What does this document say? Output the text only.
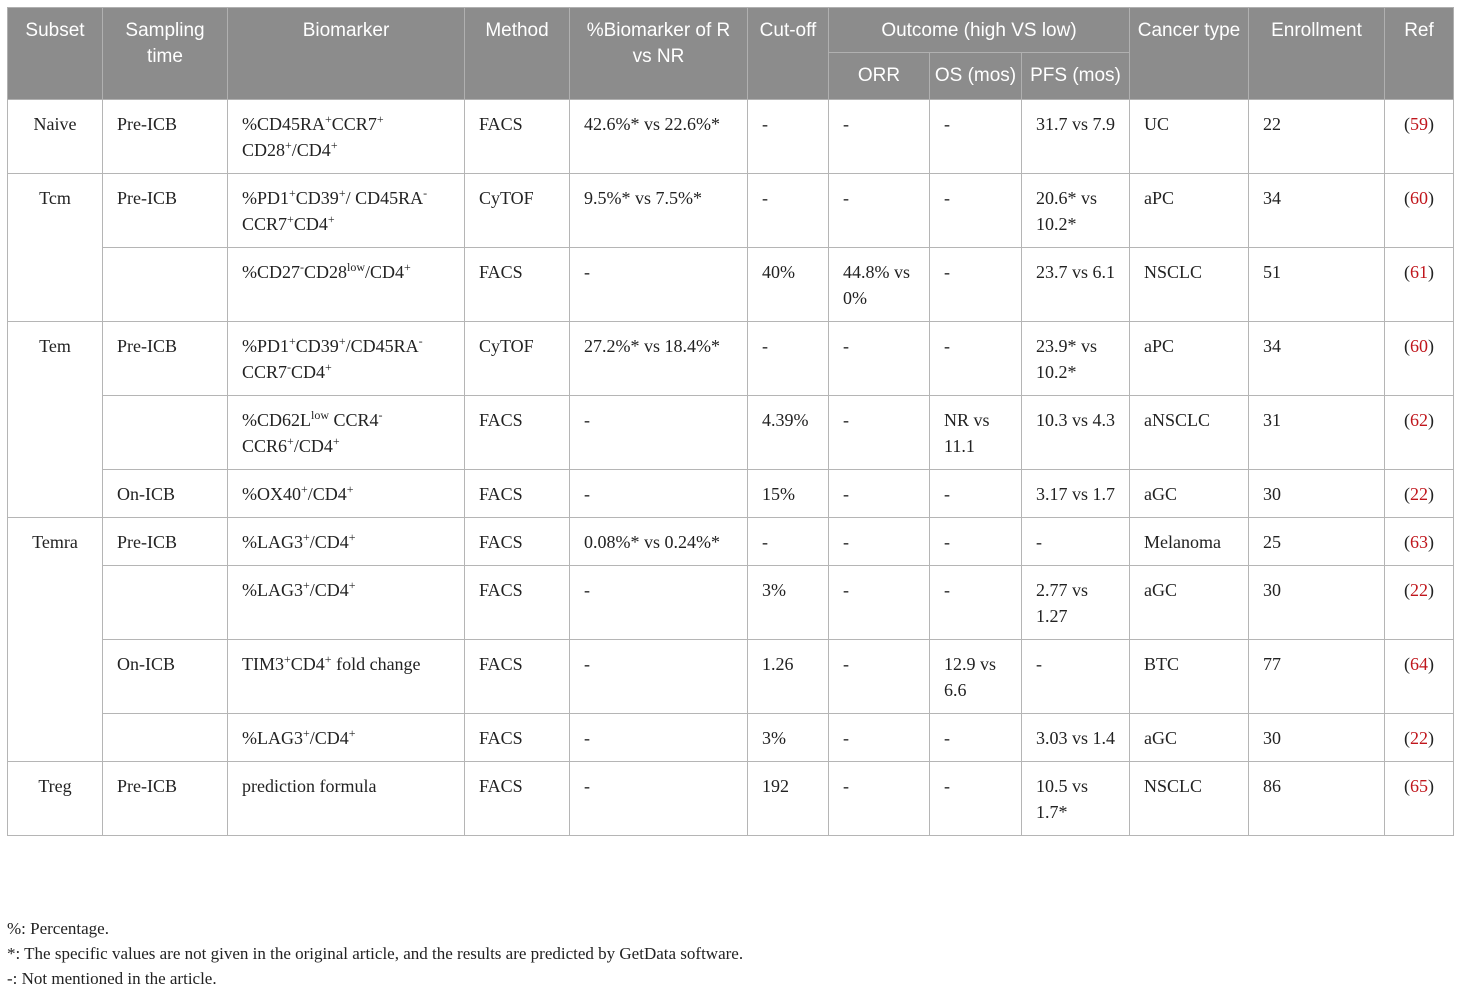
Subset	Sampling time	Biomarker	Method	%Biomarker of R vs NR	Cut-off	Outcome (high VS low)			Cancer type	Enrollment	Ref
						ORR	OS (mos)	PFS (mos)			
Naive	Pre-ICB	%CD45RA+CCR7+ CD28+/CD4+	FACS	42.6%* vs 22.6%*	-	-	-	31.7 vs 7.9	UC	22	(59)
Tcm	Pre-ICB	%PD1+CD39+/ CD45RA-CCR7+CD4+	CyTOF	9.5%* vs 7.5%*	-	-	-	20.6* vs 10.2*	aPC	34	(60)
		$\%CD27^-CD28^{low}/CD4^+$	FACS	-	40%	44.8% vs 0%	-	23.7 vs 6.1	NSCLC	51	(61)
Tem	Pre-ICB	%PD1+CD39+/CD45RA- CCR7-CD4+	CyTOF	27.2%* vs 18.4%*	-	-	-	23.9* vs 10.2*	aPC	34	(60)
		$\%CD62L^{low}$ CCR4- CCR6+/CD4+	FACS	-	4.39%	-	NR vs 11.1	10.3 vs 4.3	aNSCLC	31	(62)
	On-ICB	%OX40+/CD4+	FACS	-	15%	-	-	3.17 vs 1.7	aGC	30	(22)
Temra	Pre-ICB	%LAG3+/CD4+	FACS	0.08%* vs 0.24%*	-	-	-	-	Melanoma	25	(63)
		%LAG3+/CD4+	FACS	-	3%	-	-	2.77 vs 1.27	aGC	30	(22)
	On-ICB	TIM3+CD4+ fold change	FACS	-	1.26	-	12.9 vs 6.6	-	BTC	77	(64)
		%LAG3+/CD4+	FACS	-	3%	-	-	3.03 vs 1.4	aGC	30	(22)
Treg	Pre-ICB	prediction formula	FACS	-	192	-	-	10.5 vs 1.7*	NSCLC	86	(65)
%: Percentage.
*: The specific values are not given in the original article, and the results are predicted by GetData software.
-: Not mentioned in the article.
